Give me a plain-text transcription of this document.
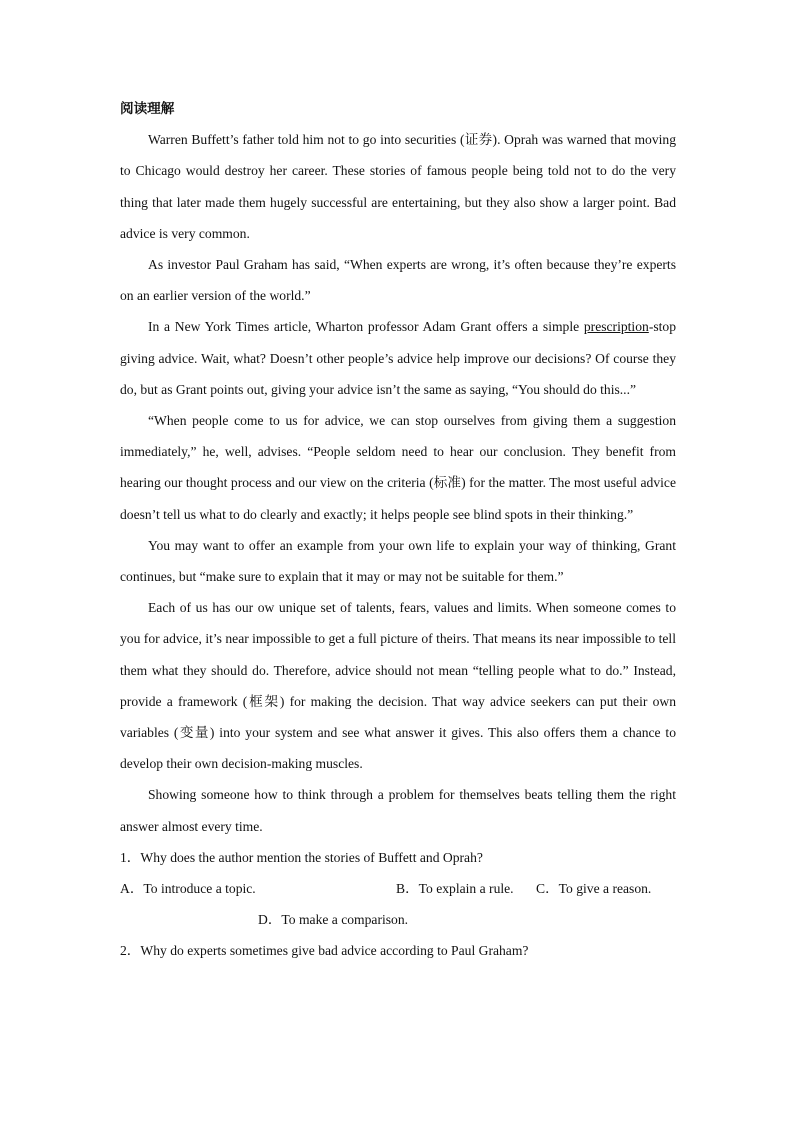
阅读理解

Warren Buffett’s father told him not to go into securities (证券). Oprah was warned that moving to Chicago would destroy her career. These stories of famous people being told not to do the very thing that later made them hugely successful are entertaining, but they also show a larger point. Bad advice is very common.

As investor Paul Graham has said, “When experts are wrong, it’s often because they’re experts on an earlier version of the world.”

In a New York Times article, Wharton professor Adam Grant offers a simple prescription-stop giving advice. Wait, what? Doesn’t other people’s advice help improve our decisions? Of course they do, but as Grant points out, giving your advice isn’t the same as saying, “You should do this...”

“When people come to us for advice, we can stop ourselves from giving them a suggestion immediately,” he, well, advises. “People seldom need to hear our conclusion. They benefit from hearing our thought process and our view on the criteria (标准) for the matter. The most useful advice doesn’t tell us what to do clearly and exactly; it helps people see blind spots in their thinking.”

You may want to offer an example from your own life to explain your way of thinking, Grant continues, but “make sure to explain that it may or may not be suitable for them.”

Each of us has our ow unique set of talents, fears, values and limits. When someone comes to you for advice, it’s near impossible to get a full picture of theirs. That means its near impossible to tell them what they should do. Therefore, advice should not mean “telling people what to do.” Instead, provide a framework (框架) for making the decision. That way advice seekers can put their own variables (变量) into your system and see what answer it gives. This also offers them a chance to develop their own decision-making muscles.

Showing someone how to think through a problem for themselves beats telling them the right answer almost every time.

1．Why does the author mention the stories of Buffett and Oprah?

A．To introduce a topic.	B．To explain a rule. C．To give a reason.
D．To make a comparison.

2．Why do experts sometimes give bad advice according to Paul Graham?
